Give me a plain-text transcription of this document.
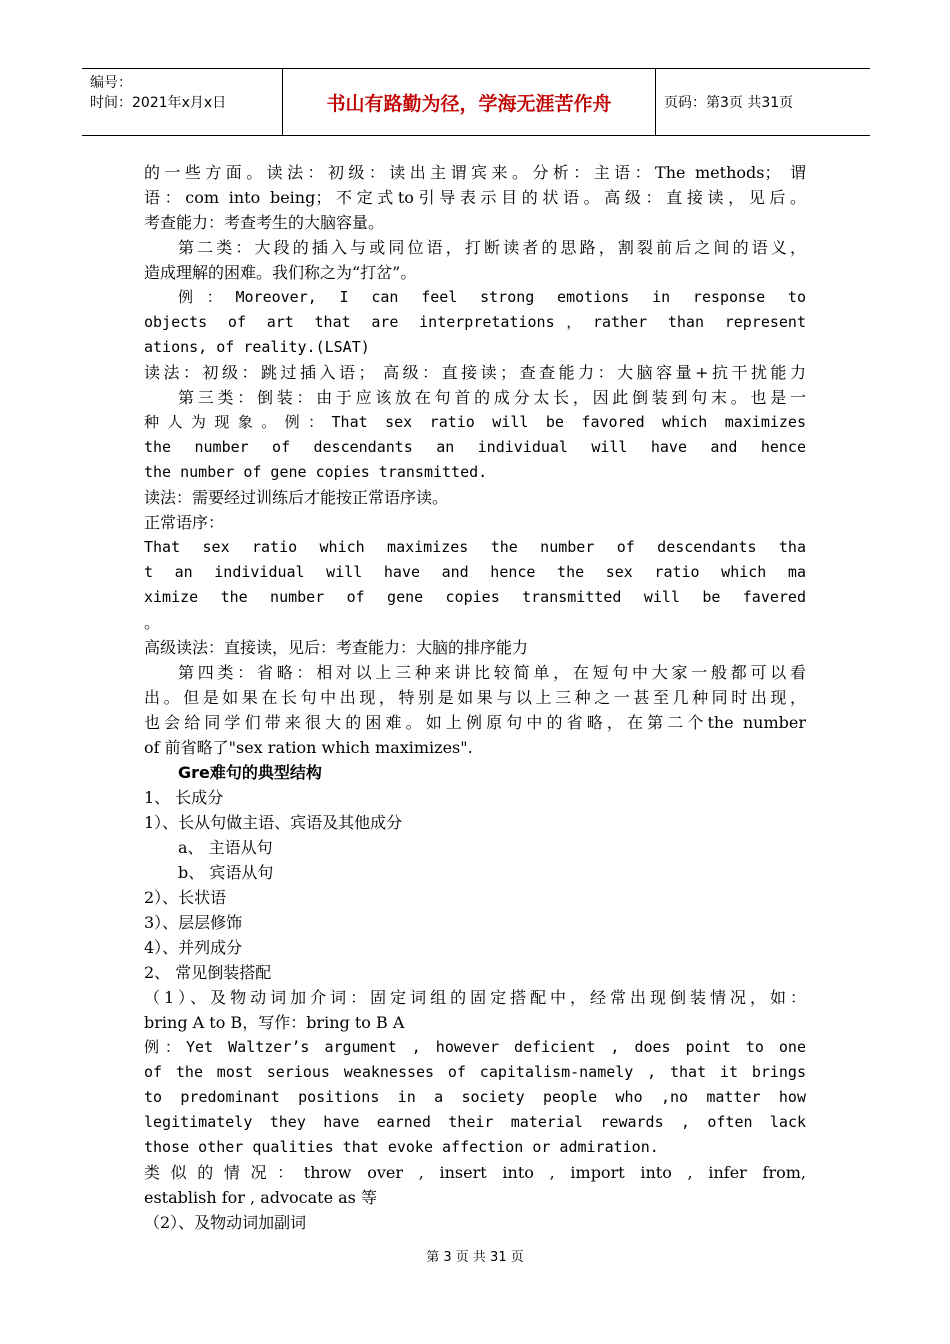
编号：
时间：2021年x月x日	书山有路勤为径，学海无涯苦作舟	页码：第3页 共31页
的一些方面。读法：初级：读出主谓宾来。分析：主语：The methods； 谓
语：com into being；不定式to引导表示目的状语。高级：直接读，见后。
考查能力：考查考生的大脑容量。
第二类：大段的插入与或同位语，打断读者的思路，割裂前后之间的语义，
造成理解的困难。我们称之为“打岔”。
例：Moreover, I can feel strong emotions in response to
objects of art that are interpretations，rather than represent
ations, of reality.(LSAT)
读法：初级：跳过插入语； 高级：直接读；查查能力：大脑容量+抗干扰能力
第三类：倒装：由于应该放在句首的成分太长，因此倒装到句末。也是一
种人为现象。例：That sex ratio will be favored which maximizes
the number of descendants an individual will have and hence
the number of gene copies transmitted.
读法：需要经过训练后才能按正常语序读。
正常语序：
That sex ratio which maximizes the number of descendants tha
t an individual will have and hence the sex ratio which ma
ximize the number of gene copies transmitted will be favered
。
高级读法：直接读，见后：考查能力：大脑的排序能力
第四类：省略：相对以上三种来讲比较简单，在短句中大家一般都可以看
出。但是如果在长句中出现，特别是如果与以上三种之一甚至几种同时出现，
也会给同学们带来很大的困难。如上例原句中的省略，在第二个the number
of 前省略了"sex ration which maximizes".
Gre难句的典型结构
1、 长成分
1）、长从句做主语、宾语及其他成分
a、 主语从句
b、 宾语从句
2）、长状语
3）、层层修饰
4）、并列成分
2、 常见倒装搭配
（1）、及物动词加介词：固定词组的固定搭配中，经常出现倒装情况，如：
bring A to B，写作：bring to B A
例：Yet Waltzer’s argument , however deficient , does point to one
of the most serious weaknesses of capitalism-namely , that it brings
to predominant positions in a society people who ,no matter how
legitimately they have earned their material rewards , often lack
those other qualities that evoke affection or admiration.
类似的情况：throw over , insert into , import into , infer from,
establish for , advocate as 等
（2）、及物动词加副词
第 3 页 共 31 页
